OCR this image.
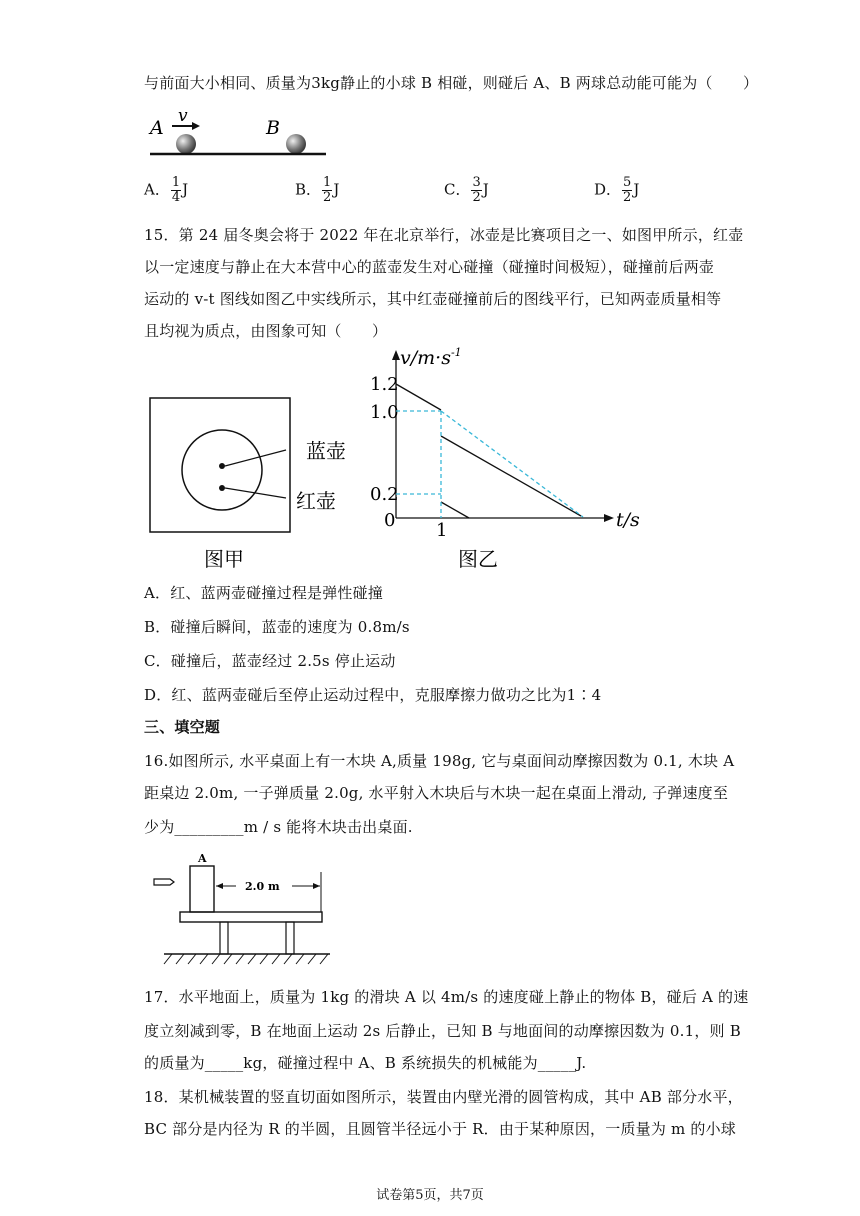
与前面大小相同、质量为3kg静止的小球 B 相碰，则碰后 A、B 两球总动能可能为（　　）
A
v
B
A． $\frac{1}{4}$ J	B． $\frac{1}{2}$ J	C． $\frac{3}{2}$ J	D． $\frac{5}{2}$ J
15．第 24 届冬奥会将于 2022 年在北京举行，冰壶是比赛项目之一、如图甲所示，红壶
以一定速度与静止在大本营中心的蓝壶发生对心碰撞（碰撞时间极短），碰撞前后两壶
运动的 v-t 图线如图乙中实线所示，其中红壶碰撞前后的图线平行，已知两壶质量相等
且均视为质点，由图象可知（　　）
蓝壶
红壶
图甲
$v/m\cdot s^{-1}$
t/s
1.2
1.0
0.2
0 1
图乙
A．红、蓝两壶碰撞过程是弹性碰撞
B．碰撞后瞬间，蓝壶的速度为 0.8m/s
C．碰撞后，蓝壶经过 2.5s 停止运动
D．红、蓝两壶碰后至停止运动过程中，克服摩擦力做功之比为1∶4
三、填空题
16.如图所示, 水平桌面上有一木块 A,质量 198g, 它与桌面间动摩擦因数为 0.1, 木块 A
距桌边 2.0m, 一子弹质量 2.0g, 水平射入木块后与木块一起在桌面上滑动, 子弹速度至
少为_________m / s 能将木块击出桌面.
A
2.0 m
17．水平地面上，质量为 1kg 的滑块 A 以 4m/s 的速度碰上静止的物体 B，碰后 A 的速
度立刻减到零，B 在地面上运动 2s 后静止，已知 B 与地面间的动摩擦因数为 0.1，则 B
的质量为_____kg，碰撞过程中 A、B 系统损失的机械能为_____J.
18．某机械装置的竖直切面如图所示，装置由内壁光滑的圆管构成，其中 AB 部分水平，
BC 部分是内径为 R 的半圆，且圆管半径远小于 R．由于某种原因，一质量为 m 的小球
试卷第5页，共7页
